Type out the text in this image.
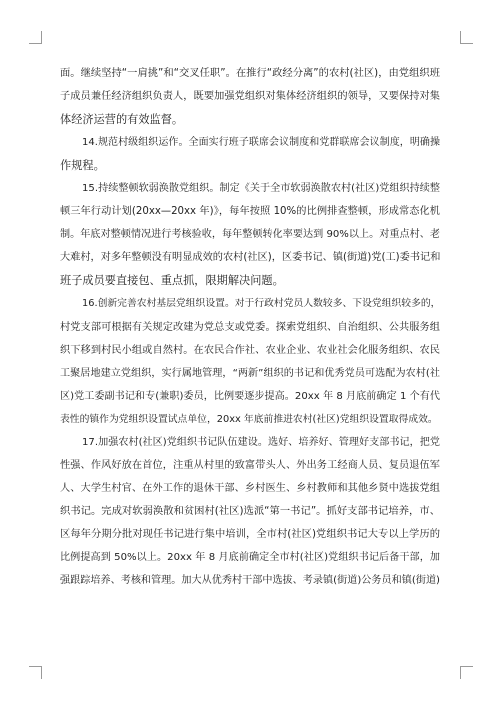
面。继续坚持“一肩挑”和“交叉任职”。在推行“政经分离”的农村(社区)，由党组织班
子成员兼任经济组织负责人，既要加强党组织对集体经济组织的领导，又要保持对集
体经济运营的有效监督。
14.规范村级组织运作。全面实行班子联席会议制度和党群联席会议制度，明确操
作规程。
15.持续整顿软弱涣散党组织。制定《关于全市软弱涣散农村(社区)党组织持续整
顿三年行动计划(20xx—20xx 年)》，每年按照 10%的比例排查整顿，形成常态化机
制。年底对整顿情况进行考核验收，每年整顿转化率要达到 90%以上。对重点村、老
大难村，对多年整顿没有明显成效的农村(社区)，区委书记、镇(街道)党(工)委书记和
班子成员要直接包、重点抓，限期解决问题。
16.创新完善农村基层党组织设置。对于行政村党员人数较多、下设党组织较多的，
村党支部可根据有关规定改建为党总支或党委。探索党组织、自治组织、公共服务组
织下移到村民小组或自然村。在农民合作社、农业企业、农业社会化服务组织、农民
工聚居地建立党组织，实行属地管理，“两新”组织的书记和优秀党员可选配为农村(社
区)党工委副书记和专(兼职)委员，比例要逐步提高。20xx 年 8 月底前确定 1 个有代
表性的镇作为党组织设置试点单位，20xx 年底前推进农村(社区)党组织设置取得成效。
17.加强农村(社区)党组织书记队伍建设。选好、培养好、管理好支部书记，把党
性强、作风好放在首位，注重从村里的致富带头人、外出务工经商人员、复员退伍军
人、大学生村官、在外工作的退休干部、乡村医生、乡村教师和其他乡贤中选拔党组
织书记。完成对软弱涣散和贫困村(社区)选派“第一书记”。抓好支部书记培养，市、
区每年分期分批对现任书记进行集中培训，全市村(社区)党组织书记大专以上学历的
比例提高到 50%以上。20xx 年 8 月底前确定全市村(社区)党组织书记后备干部，加
强跟踪培养、考核和管理。加大从优秀村干部中选拔、考录镇(街道)公务员和镇(街道)
